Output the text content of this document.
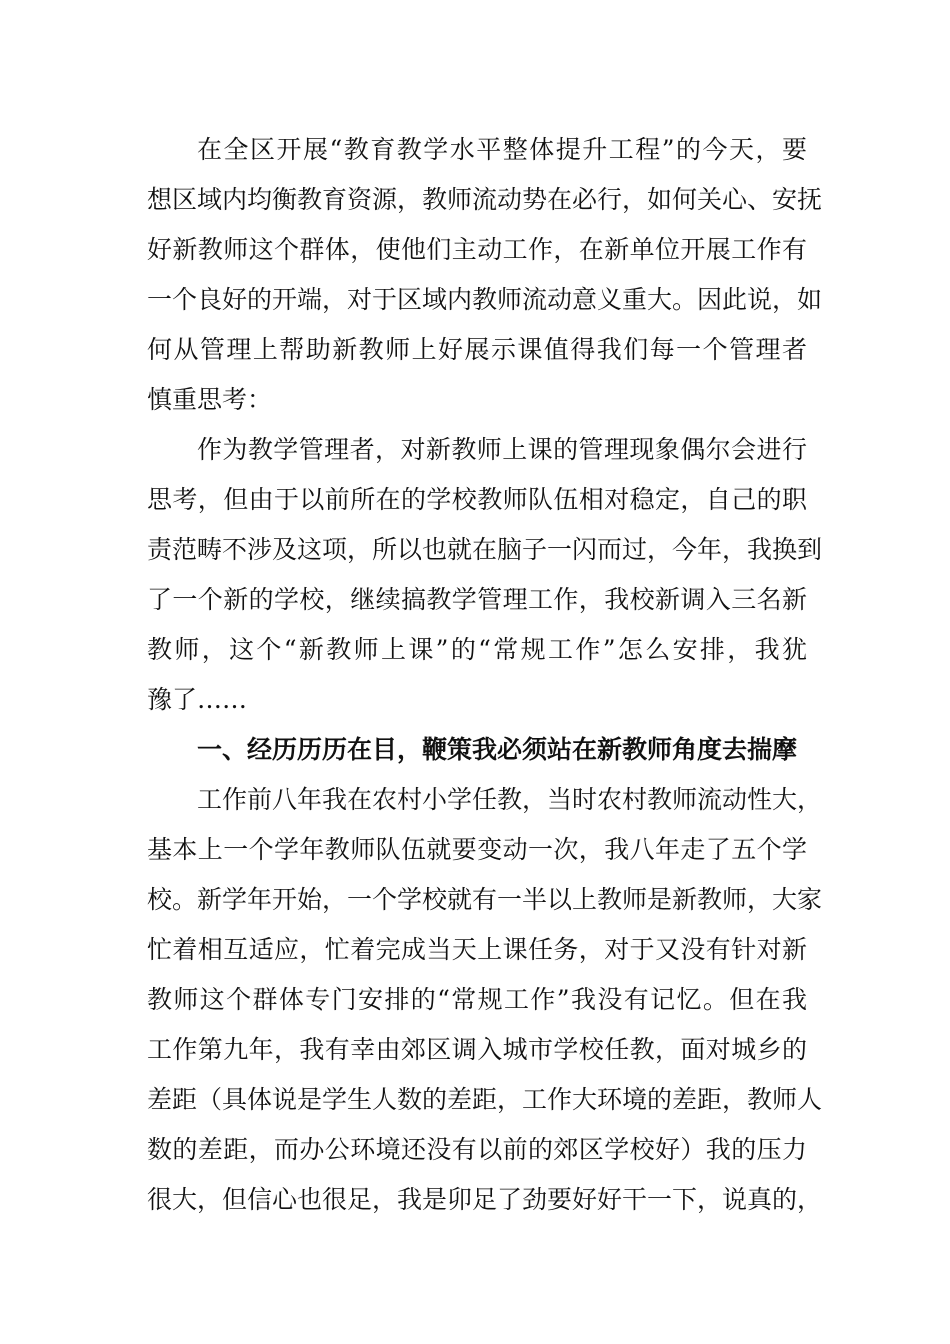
在全区开展“教育教学水平整体提升工程”的今天，要
想区域内均衡教育资源，教师流动势在必行，如何关心、安抚
好新教师这个群体，使他们主动工作，在新单位开展工作有
一个良好的开端，对于区域内教师流动意义重大。因此说，如
何从管理上帮助新教师上好展示课值得我们每一个管理者
慎重思考：
作为教学管理者，对新教师上课的管理现象偶尔会进行
思考，但由于以前所在的学校教师队伍相对稳定，自己的职
责范畴不涉及这项，所以也就在脑子一闪而过，今年，我换到
了一个新的学校，继续搞教学管理工作，我校新调入三名新
教师，这个“新教师上课”的“常规工作”怎么安排，我犹
豫了……
一、经历历历在目，鞭策我必须站在新教师角度去揣摩
工作前八年我在农村小学任教，当时农村教师流动性大，
基本上一个学年教师队伍就要变动一次，我八年走了五个学
校。新学年开始，一个学校就有一半以上教师是新教师，大家
忙着相互适应，忙着完成当天上课任务，对于又没有针对新
教师这个群体专门安排的“常规工作”我没有记忆。但在我
工作第九年，我有幸由郊区调入城市学校任教，面对城乡的
差距（具体说是学生人数的差距，工作大环境的差距，教师人
数的差距，而办公环境还没有以前的郊区学校好）我的压力
很大，但信心也很足，我是卯足了劲要好好干一下，说真的，
